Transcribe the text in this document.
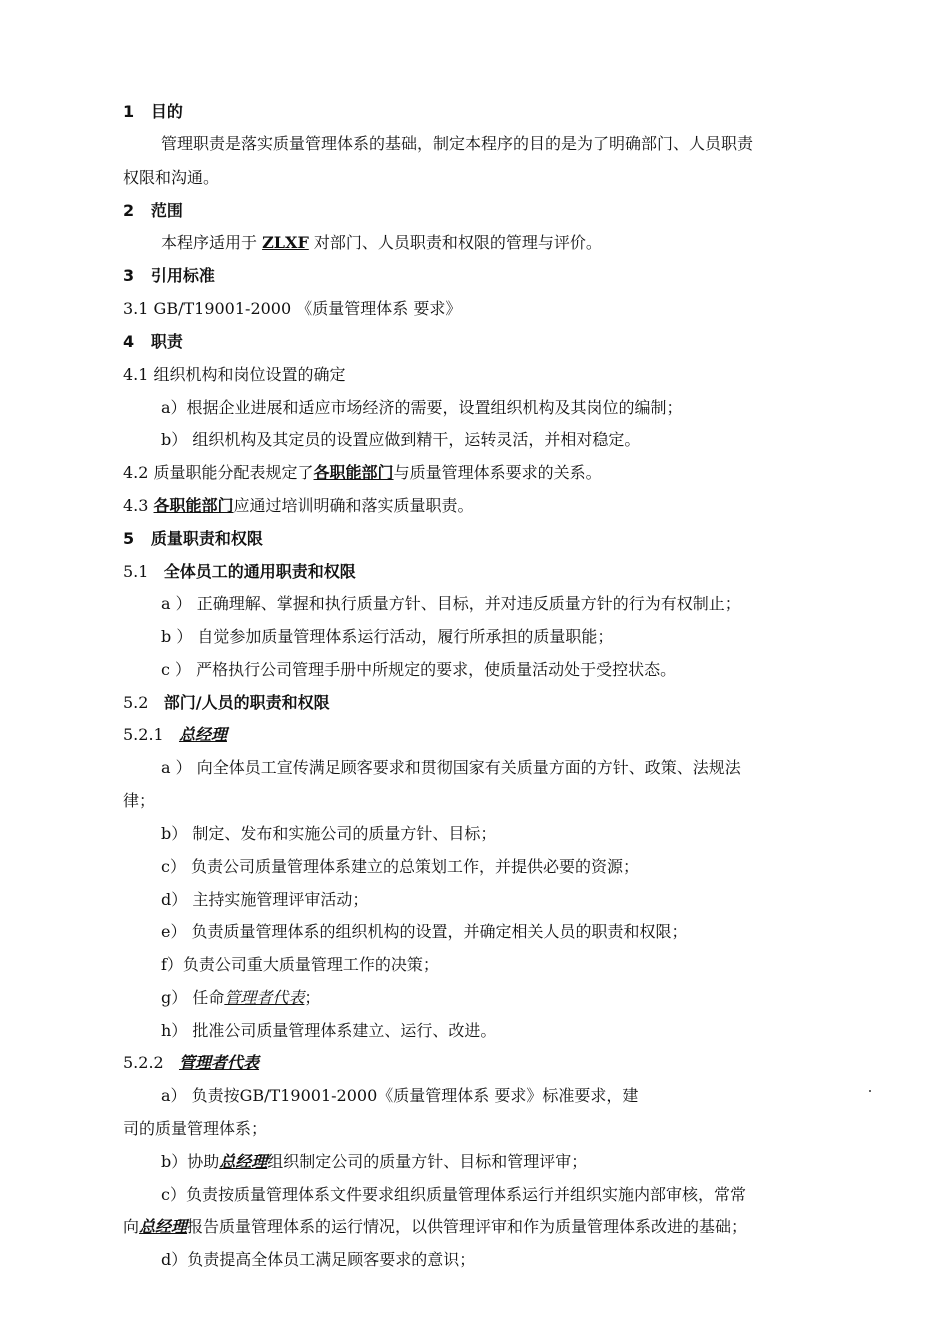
1 目的
管理职责是落实质量管理体系的基础，制定本程序的目的是为了明确部门、人员职责
权限和沟通。
2 范围
本程序适用于 ZLXF 对部门、人员职责和权限的管理与评价。
3 引用标准
3.1 GB/T19001-2000 《质量管理体系 要求》
4 职责
4.1 组织机构和岗位设置的确定
a）根据企业进展和适应市场经济的需要，设置组织机构及其岗位的编制；
b） 组织机构及其定员的设置应做到精干，运转灵活，并相对稳定。
4.2 质量职能分配表规定了各职能部门与质量管理体系要求的关系。
4.3 各职能部门应通过培训明确和落实质量职责。
5 质量职责和权限
5.1 全体员工的通用职责和权限
a ） 正确理解、掌握和执行质量方针、目标，并对违反质量方针的行为有权制止；
b ） 自觉参加质量管理体系运行活动，履行所承担的质量职能；
c ） 严格执行公司管理手册中所规定的要求，使质量活动处于受控状态。
5.2 部门/人员的职责和权限
5.2.1 总经理
a ） 向全体员工宣传满足顾客要求和贯彻国家有关质量方面的方针、政策、法规法
律；
b） 制定、发布和实施公司的质量方针、目标；
c） 负责公司质量管理体系建立的总策划工作，并提供必要的资源；
d） 主持实施管理评审活动；
e） 负责质量管理体系的组织机构的设置，并确定相关人员的职责和权限；
f）负责公司重大质量管理工作的决策；
g） 任命管理者代表；
h） 批准公司质量管理体系建立、运行、改进。
5.2.2 管理者代表
a） 负责按GB/T19001-2000《质量管理体系 要求》标准要求，建
司的质量管理体系；
b）协助总经理组织制定公司的质量方针、目标和管理评审；
c）负责按质量管理体系文件要求组织质量管理体系运行并组织实施内部审核，常常
向总经理报告质量管理体系的运行情况，以供管理评审和作为质量管理体系改进的基础；
d）负责提高全体员工满足顾客要求的意识；
